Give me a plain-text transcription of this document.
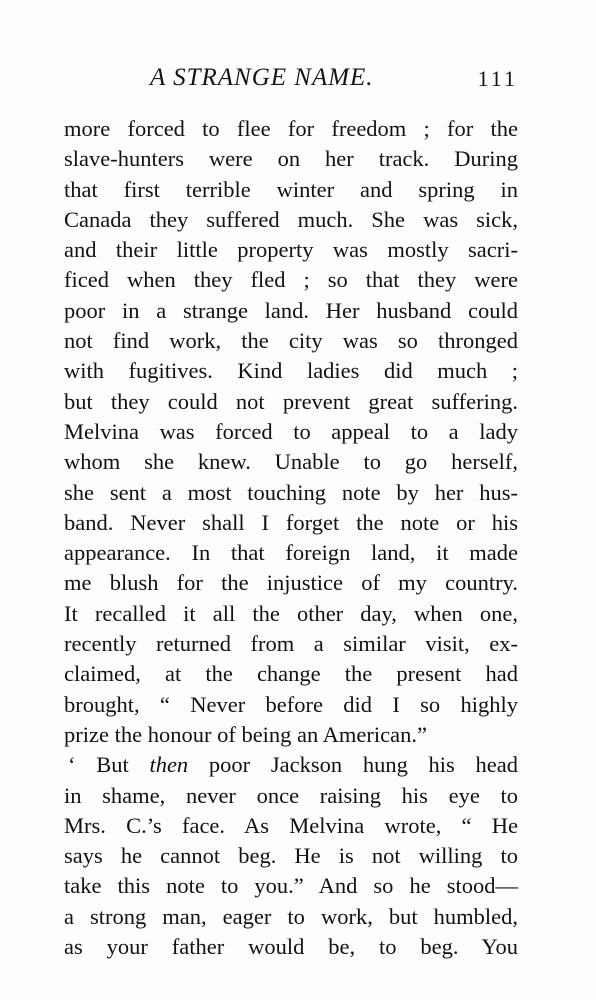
A STRANGE NAME.	111
more forced to flee for freedom ; for the
slave-hunters were on her track. During
that first terrible winter and spring in
Canada they suffered much. She was sick,
and their little property was mostly sacri-
ficed when they fled ; so that they were
poor in a strange land. Her husband could
not find work, the city was so thronged
with fugitives. Kind ladies did much ;
but they could not prevent great suffering.
Melvina was forced to appeal to a lady
whom she knew. Unable to go herself,
she sent a most touching note by her hus-
band. Never shall I forget the note or his
appearance. In that foreign land, it made
me blush for the injustice of my country.
It recalled it all the other day, when one,
recently returned from a similar visit, ex-
claimed, at the change the present had
brought, “ Never before did I so highly
prize the honour of being an American.”
‘ But then poor Jackson hung his head
in shame, never once raising his eye to
Mrs. C.’s face. As Melvina wrote, “ He
says he cannot beg. He is not willing to
take this note to you.” And so he stood—
a strong man, eager to work, but humbled,
as your father would be, to beg. You
